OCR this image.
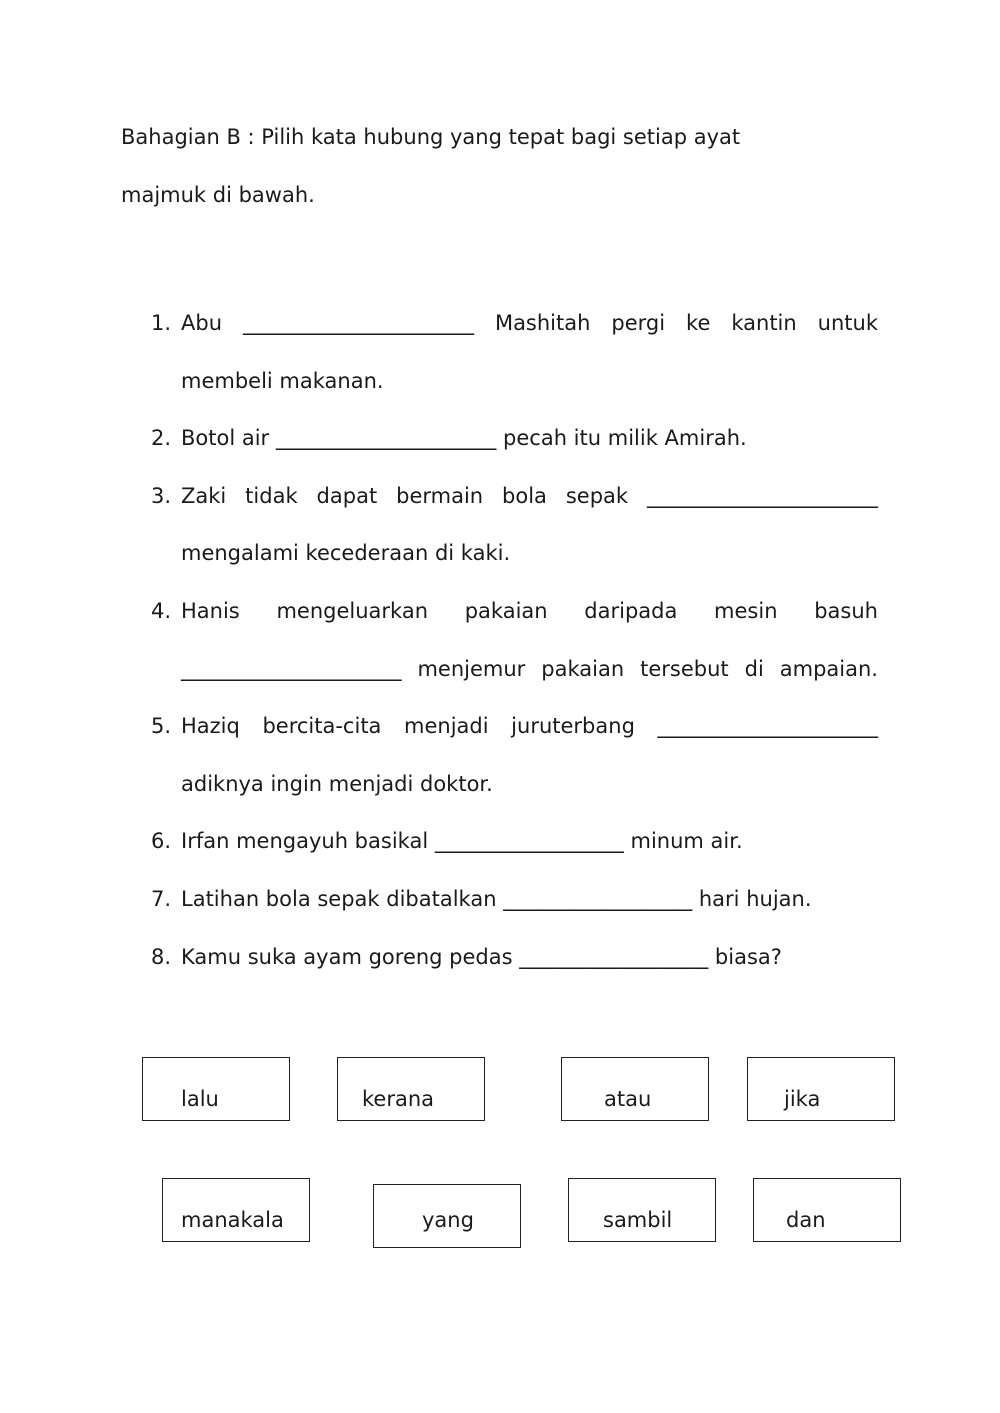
Bahagian B : Pilih kata hubung yang tepat bagi setiap ayat
majmuk di bawah.
1. Abu ______________________ Mashitah pergi ke kantin untuk
membeli makanan.
2. Botol air _____________________ pecah itu milik Amirah.
3. Zaki tidak dapat bermain bola sepak ______________________
mengalami kecederaan di kaki.
4. Hanis mengeluarkan pakaian daripada mesin basuh
_____________________ menjemur pakaian tersebut di ampaian.
5. Haziq bercita-cita menjadi juruterbang _____________________
adiknya ingin menjadi doktor.
6. Irfan mengayuh basikal __________________ minum air.
7. Latihan bola sepak dibatalkan __________________ hari hujan.
8. Kamu suka ayam goreng pedas __________________ biasa?
lalu	kerana	atau	jika
manakala	yang	sambil	dan
